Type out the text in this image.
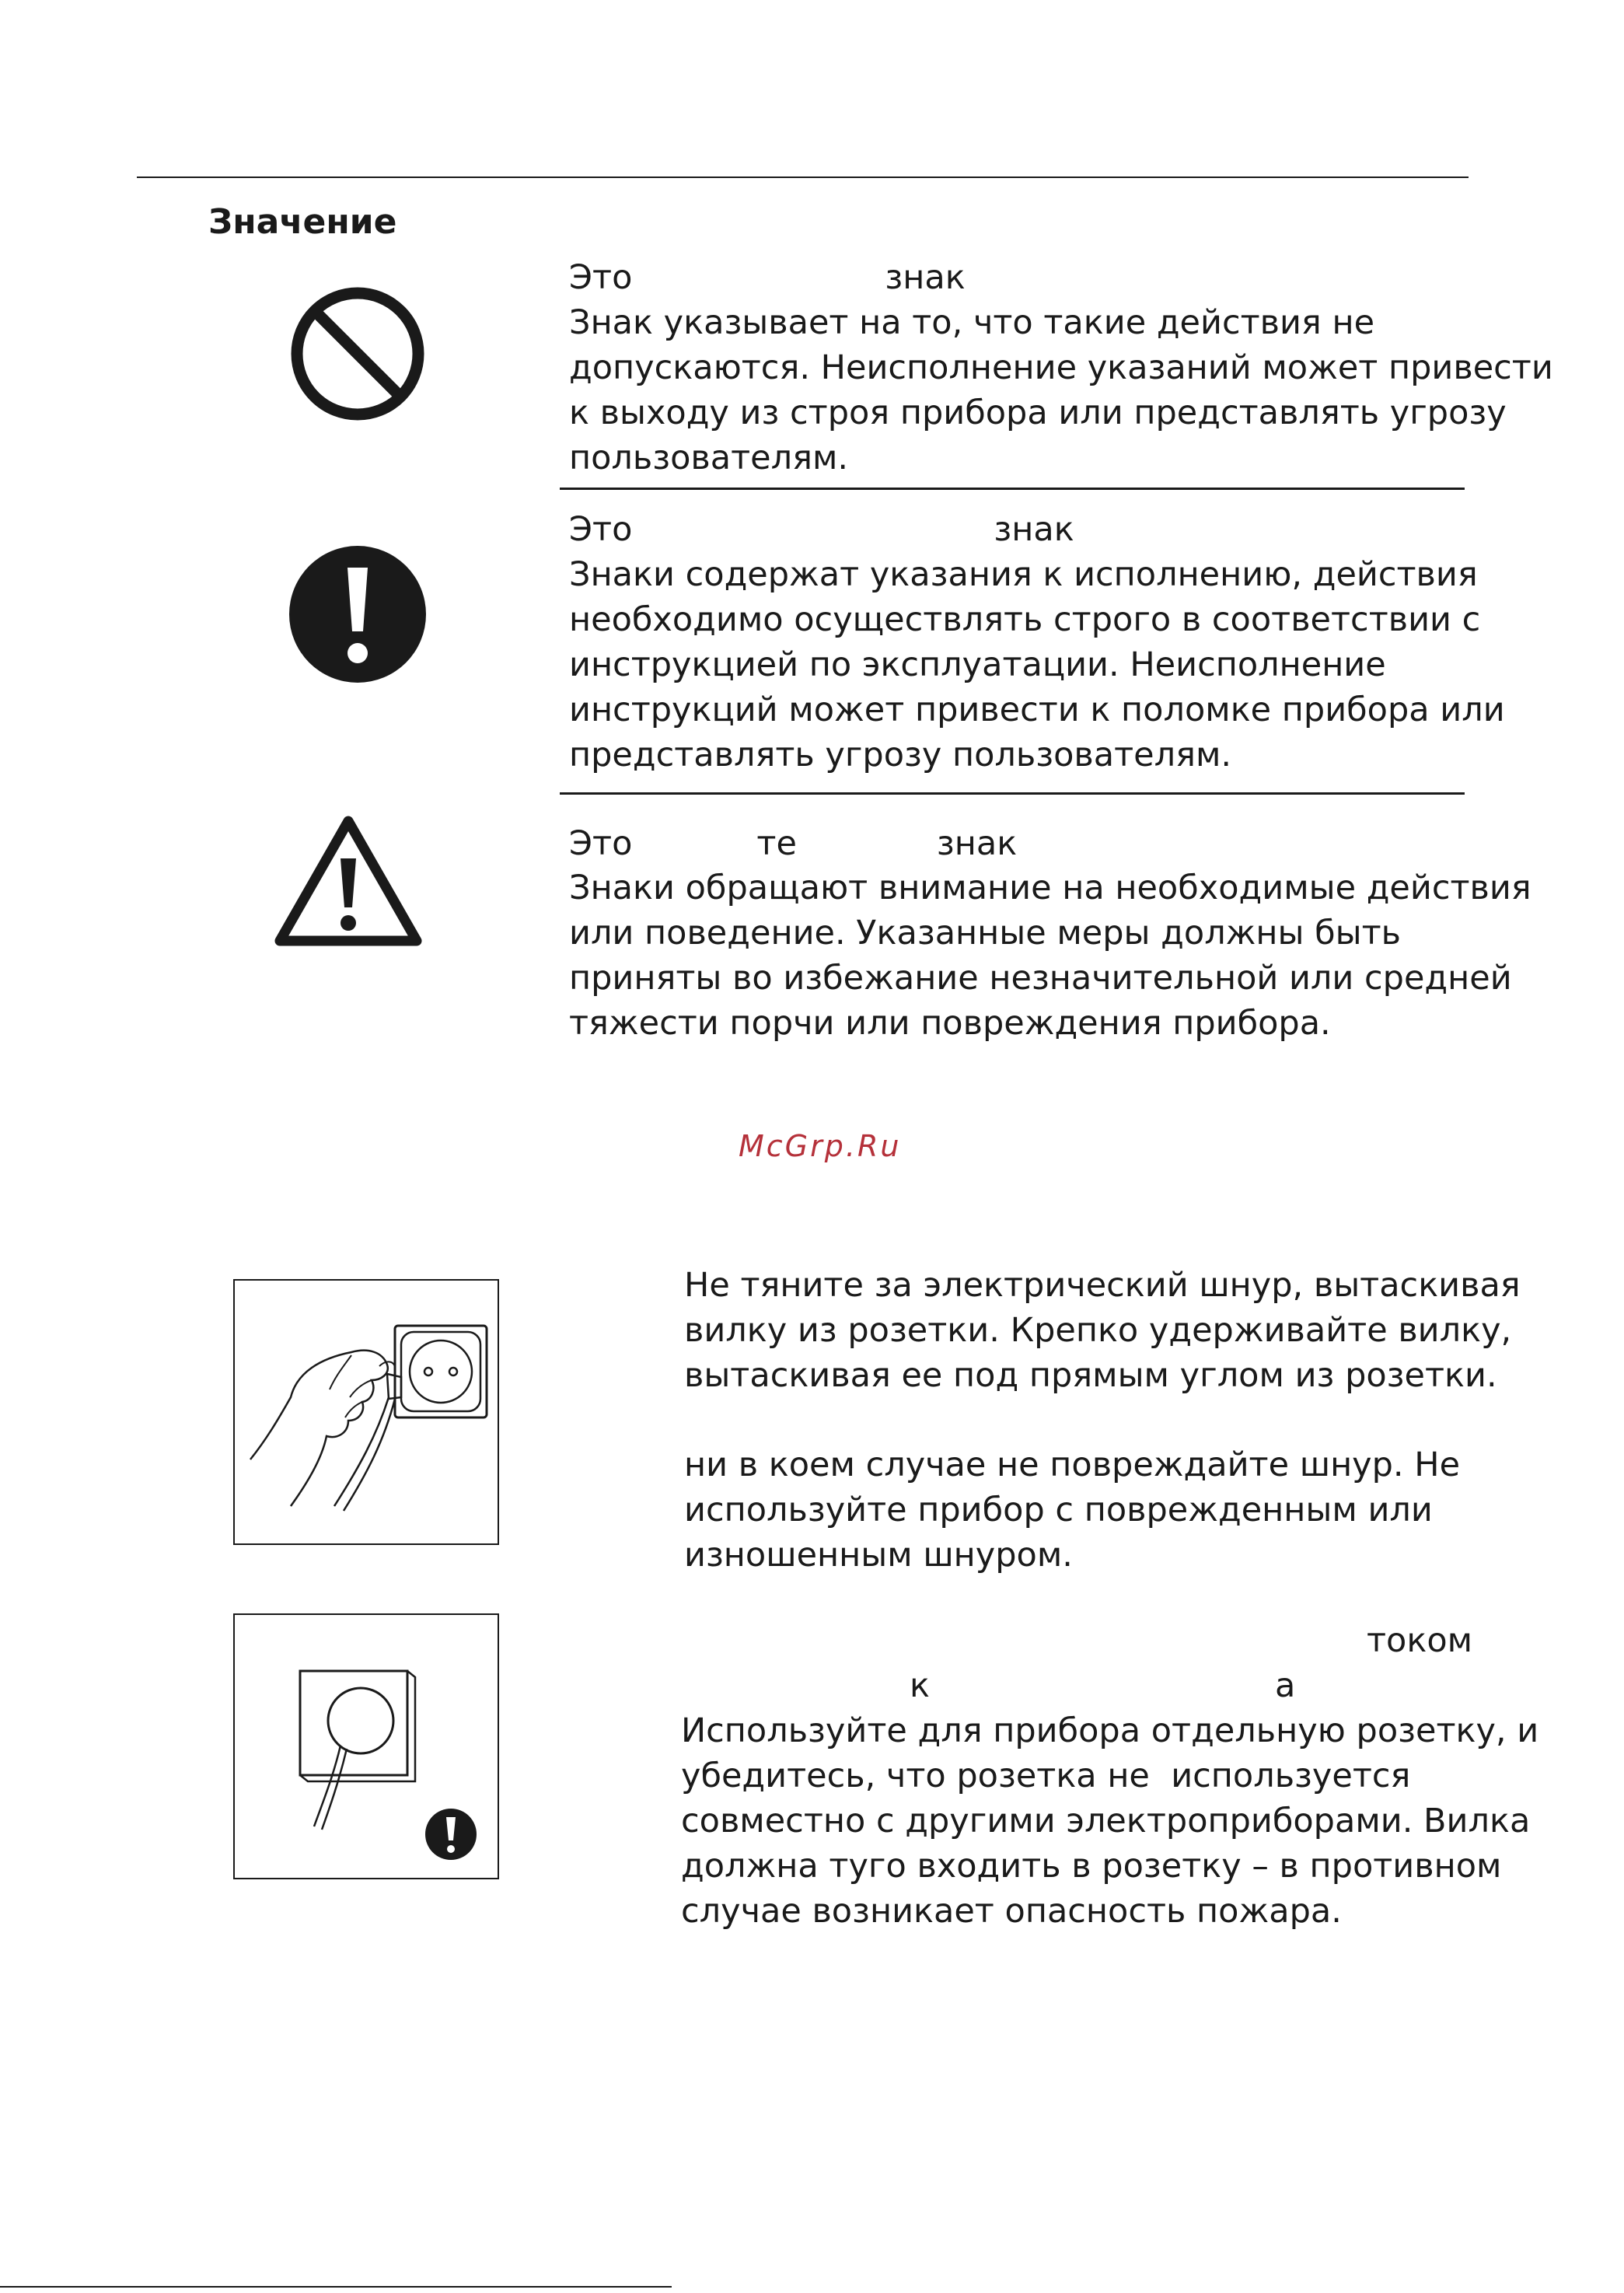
Значение
Это	знак
Знак указывает на то, что такие действия не
допускаются. Неисполнение указаний может привести
к выходу из строя прибора или представлять угрозу
пользователям.
Это	знак
Знаки содержат указания к исполнению, действия
необходимо осуществлять строго в соответствии с
инструкцией по эксплуатации. Неисполнение
инструкций может привести к поломке прибора или
представлять угрозу пользователям.
Это	те	знак
Знаки обращают внимание на необходимые действия
или поведение. Указанные меры должны быть
приняты во избежание незначительной или средней
тяжести порчи или повреждения прибора.
McGrp.Ru
Не тяните за электрический шнур, вытаскивая
вилку из розетки. Крепко удерживайте вилку,
вытаскивая ее под прямым углом из розетки.
ни в коем случае не повреждайте шнур. Не
используйте прибор с поврежденным или
изношенным шнуром.
током
к	а
Используйте для прибора отдельную розетку, и
убедитесь, что розетка не  используется
совместно с другими электроприборами. Вилка
должна туго входить в розетку – в противном
случае возникает опасность пожара.
